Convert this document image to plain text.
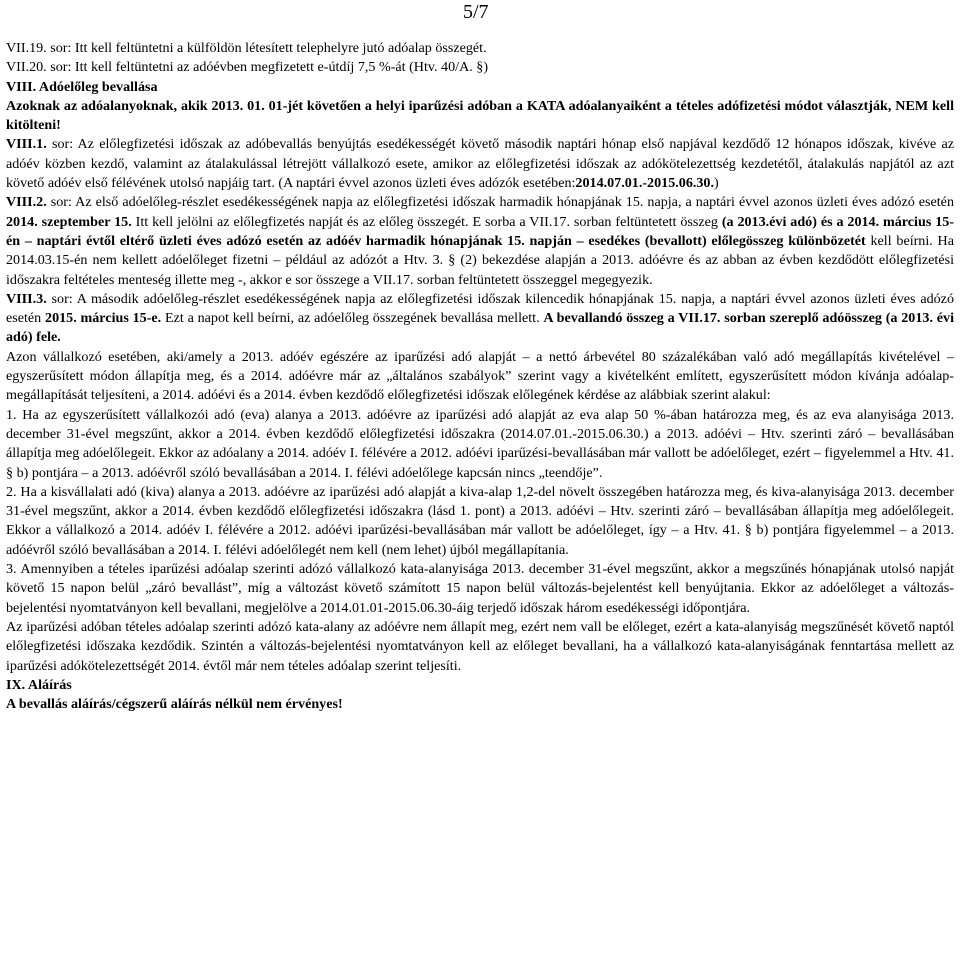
5/7

VII.19. sor: Itt kell feltüntetni a külföldön létesített telephelyre jutó adóalap összegét.

VII.20. sor: Itt kell feltüntetni az adóévben megfizetett e-útdíj 7,5 %-át (Htv. 40/A. §)

VIII. Adóelőleg bevallása

Azoknak az adóalanyoknak, akik 2013. 01. 01-jét követően a helyi iparűzési adóban a KATA adóalanyaiként a tételes adófizetési módot választják, NEM kell kitölteni!

VIII.1. sor: Az előlegfizetési időszak az adóbevallás benyújtás esedékességét követő második naptári hónap első napjával kezdődő 12 hónapos időszak, kivéve az adóév közben kezdő, valamint az átalakulással létrejött vállalkozó esete, amikor az előlegfizetési időszak az adókötelezettség kezdetétől, átalakulás napjától az azt követő adóév első félévének utolsó napjáig tart. (A naptári évvel azonos üzleti éves adózók esetében:2014.07.01.-2015.06.30.)

VIII.2. sor: Az első adóelőleg-részlet esedékességének napja az előlegfizetési időszak harmadik hónapjának 15. napja, a naptári évvel azonos üzleti éves adózó esetén 2014. szeptember 15. Itt kell jelölni az előlegfizetés napját és az előleg összegét. E sorba a VII.17. sorban feltüntetett összeg (a 2013.évi adó) és a 2014. március 15-én – naptári évtől eltérő üzleti éves adózó esetén az adóév harmadik hónapjának 15. napján – esedékes (bevallott) előlegösszeg különbözetét kell beírni. Ha 2014.03.15-én nem kellett adóelőleget fizetni – például az adózót a Htv. 3. § (2) bekezdése alapján a 2013. adóévre és az abban az évben kezdődött előlegfizetési időszakra feltételes menteség illette meg -, akkor e sor összege a VII.17. sorban feltüntetett összeggel megegyezik.

VIII.3. sor: A második adóelőleg-részlet esedékességének napja az előlegfizetési időszak kilencedik hónapjának 15. napja, a naptári évvel azonos üzleti éves adózó esetén 2015. március 15-e. Ezt a napot kell beírni, az adóelőleg összegének bevallása mellett. A bevallandó összeg a VII.17. sorban szereplő adóösszeg (a 2013. évi adó) fele.

Azon vállalkozó esetében, aki/amely a 2013. adóév egészére az iparűzési adó alapját – a nettó árbevétel 80 százalékában való adó megállapítás kivételével – egyszerűsített módon állapítja meg, és a 2014. adóévre már az „általános szabályok” szerint vagy a kivételként említett, egyszerűsített módon kívánja adóalap-megállapítását teljesíteni, a 2014. adóévi és a 2014. évben kezdődő előlegfizetési időszak előlegének kérdése az alábbiak szerint alakul:

1. Ha az egyszerűsített vállalkozói adó (eva) alanya a 2013. adóévre az iparűzési adó alapját az eva alap 50 %-ában határozza meg, és az eva alanyisága 2013. december 31-ével megszűnt, akkor a 2014. évben kezdődő előlegfizetési időszakra (2014.07.01.-2015.06.30.) a 2013. adóévi – Htv. szerinti záró – bevallásában állapítja meg adóelőlegeit. Ekkor az adóalany a 2014. adóév I. félévére a 2012. adóévi iparűzési-bevallásában már vallott be adóelőleget, ezért – figyelemmel a Htv. 41. § b) pontjára – a 2013. adóévről szóló bevallásában a 2014. I. félévi adóelőlege kapcsán nincs „teendője”.

2. Ha a kisvállalati adó (kiva) alanya a 2013. adóévre az iparűzési adó alapját a kiva-alap 1,2-del növelt összegében határozza meg, és kiva-alanyisága 2013. december 31-ével megszűnt, akkor a 2014. évben kezdődő előlegfizetési időszakra (lásd 1. pont) a 2013. adóévi – Htv. szerinti záró – bevallásában állapítja meg adóelőlegeit. Ekkor a vállalkozó a 2014. adóév I. félévére a 2012. adóévi iparűzési-bevallásában már vallott be adóelőleget, így – a Htv. 41. § b) pontjára figyelemmel – a 2013. adóévről szóló bevallásában a 2014. I. félévi adóelőlegét nem kell (nem lehet) újból megállapítania.

3. Amennyiben a tételes iparűzési adóalap szerinti adózó vállalkozó kata-alanyisága 2013. december 31-ével megszűnt, akkor a megszűnés hónapjának utolsó napját követő 15 napon belül „záró bevallást”, míg a változást követő számított 15 napon belül változás-bejelentést kell benyújtania. Ekkor az adóelőleget a változás-bejelentési nyomtatványon kell bevallani, megjelölve a 2014.01.01-2015.06.30-áig terjedő időszak három esedékességi időpontjára.

Az iparűzési adóban tételes adóalap szerinti adózó kata-alany az adóévre nem állapít meg, ezért nem vall be előleget, ezért a kata-alanyiság megszűnését követő naptól előlegfizetési időszaka kezdődik. Szintén a változás-bejelentési nyomtatványon kell az előleget bevallani, ha a vállalkozó kata-alanyiságának fenntartása mellett az iparűzési adókötelezettségét 2014. évtől már nem tételes adóalap szerint teljesíti.

IX. Aláírás

A bevallás aláírás/cégszerű aláírás nélkül nem érvényes!
